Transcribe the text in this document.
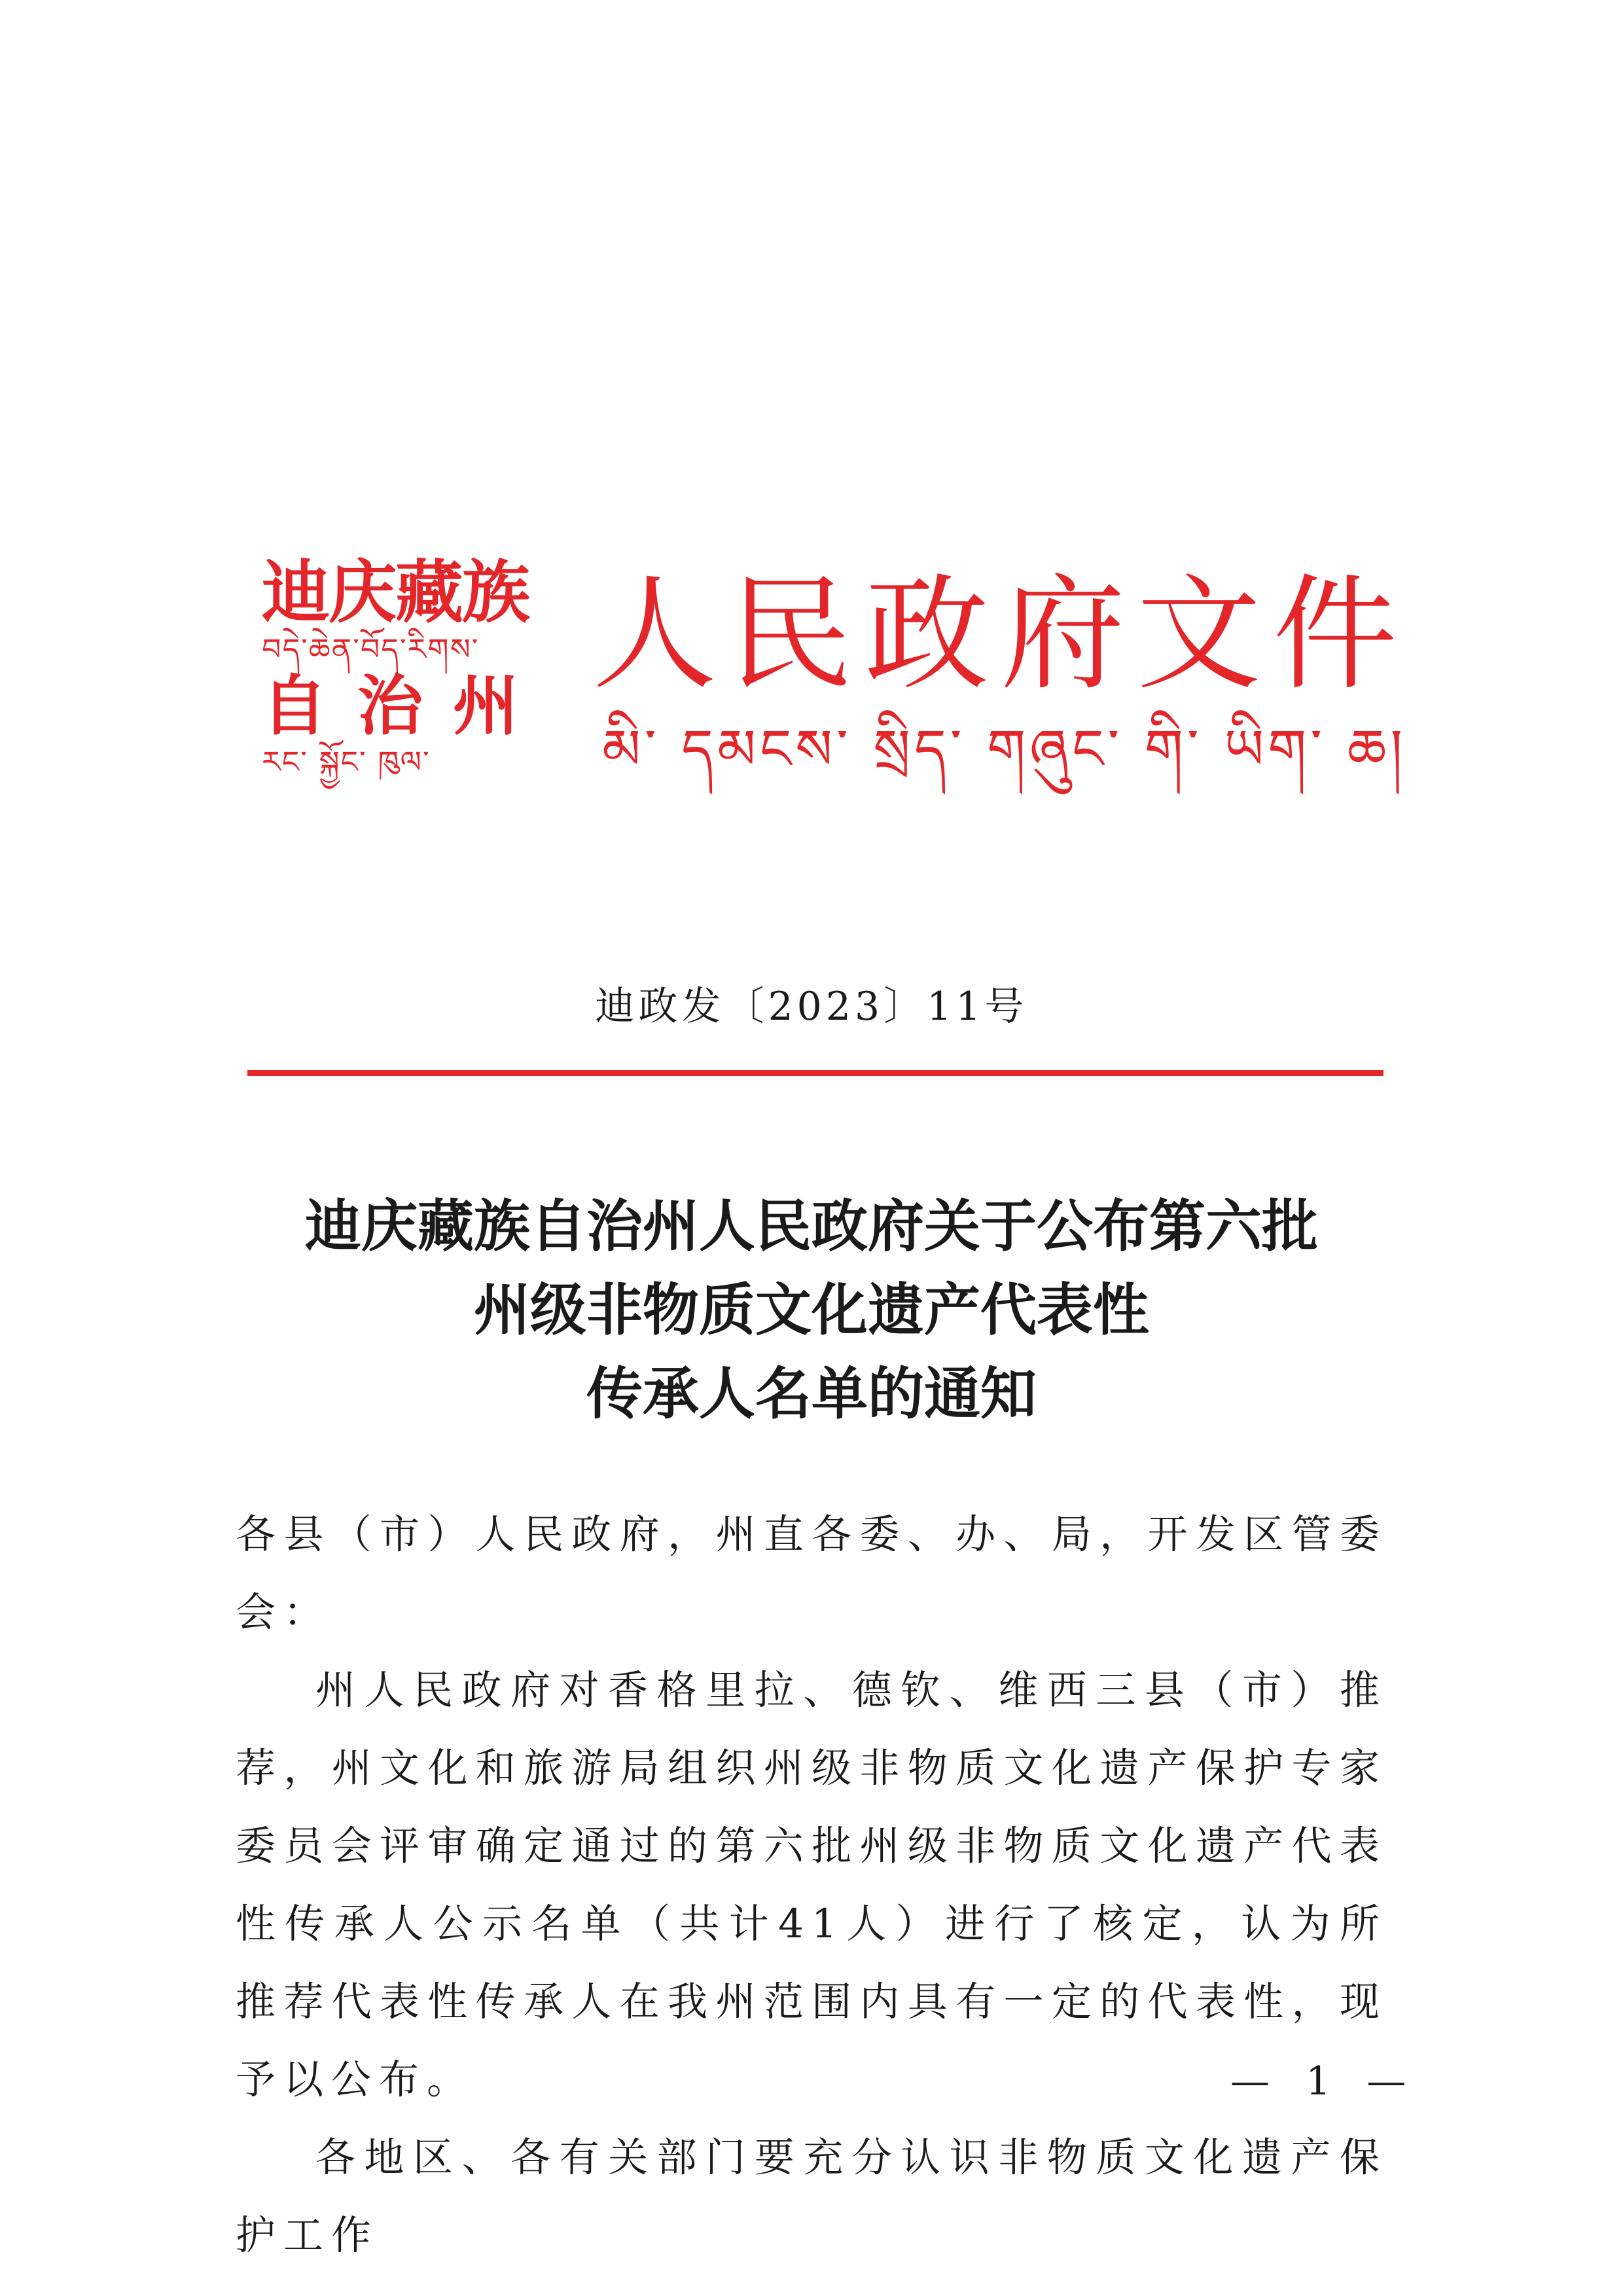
迪庆藏族
བདེ་ཆེན་བོད་རིགས་
自治州
རང་ སྐྱོང་ ཁུལ་
人民政府文件
མི་ དམངས་ སྲིད་ གཞུང་ གི་ ཡིག་ ཆ།
迪政发〔2023〕11号
迪庆藏族自治州人民政府关于公布第六批
州级非物质文化遗产代表性
传承人名单的通知

各县（市）人民政府，州直各委、办、局，开发区管委会：

州人民政府对香格里拉、德钦、维西三县（市）推荐，州文化和旅游局组织州级非物质文化遗产保护专家委员会评审确定通过的第六批州级非物质文化遗产代表性传承人公示名单（共计41人）进行了核定，认为所推荐代表性传承人在我州范围内具有一定的代表性，现予以公布。

各地区、各有关部门要充分认识非物质文化遗产保护工作

— 1 —
